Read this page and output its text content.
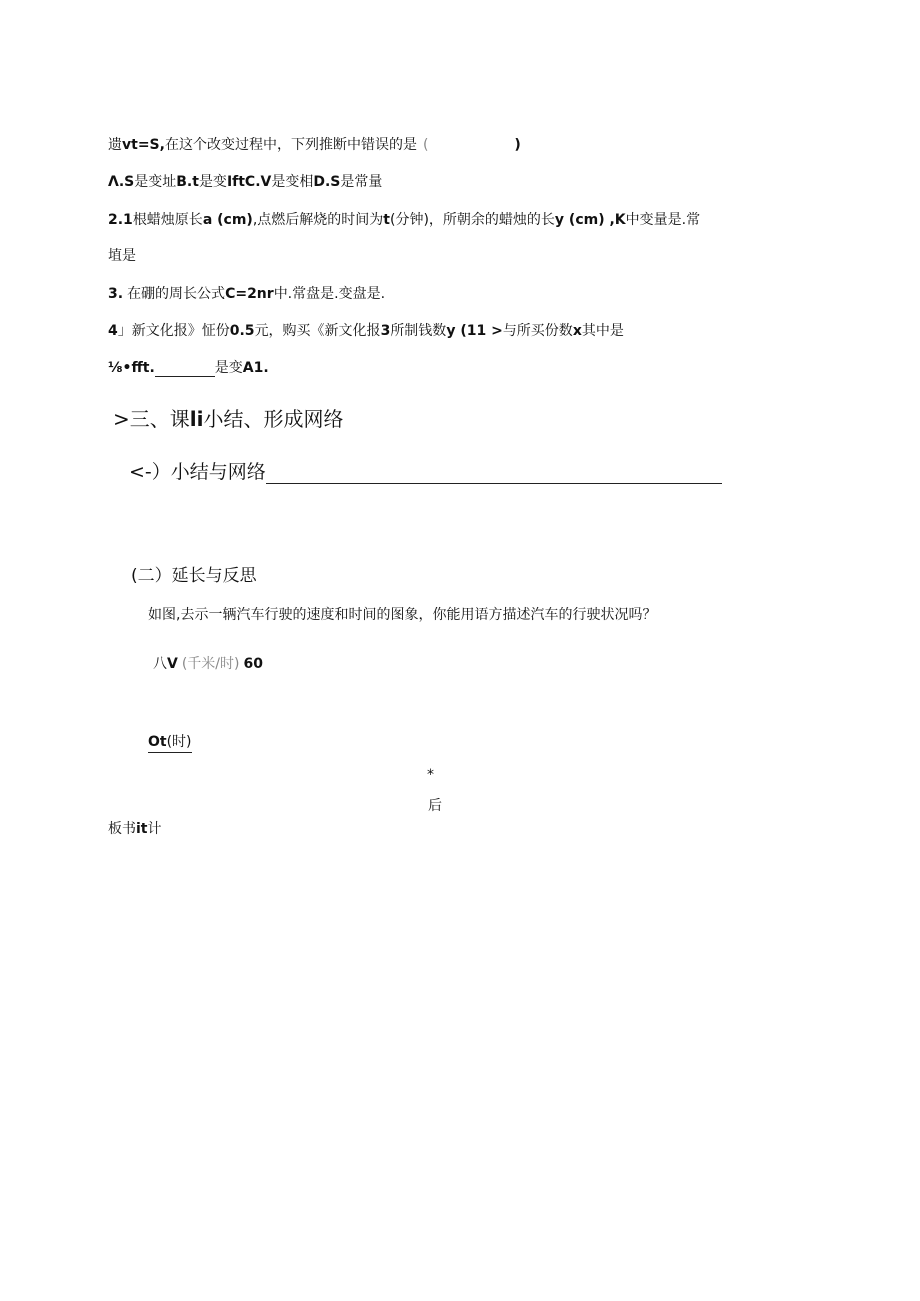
遗vt=S,在这个改变过程中，下列推断中错误的是 (	)
Λ.S是变址B.t是变IftC.V是变相D.S是常量
2.1根蜡烛原长a (cm),点燃后解烧的时间为t(分钟)，所朝余的蜡烛的长y (cm) ,K中变量是.常
埴是
3. 在硼的周长公式C=2nr中.常盘是.变盘是.
4」新文化报》怔份0.5元，购买《新文化报3所制钱数y (11 >与所买份数x其中是
⅛•fft.	是变A1.
>三、课li小结、形成网络
<-）小结与网络
(二）延长与反思
如图,去示一辆汽车行驶的速度和时间的图象，你能用语方描述汽车的行驶状况吗？
八V (千米/时) 60
Ot(时)
*
后
板书it计
